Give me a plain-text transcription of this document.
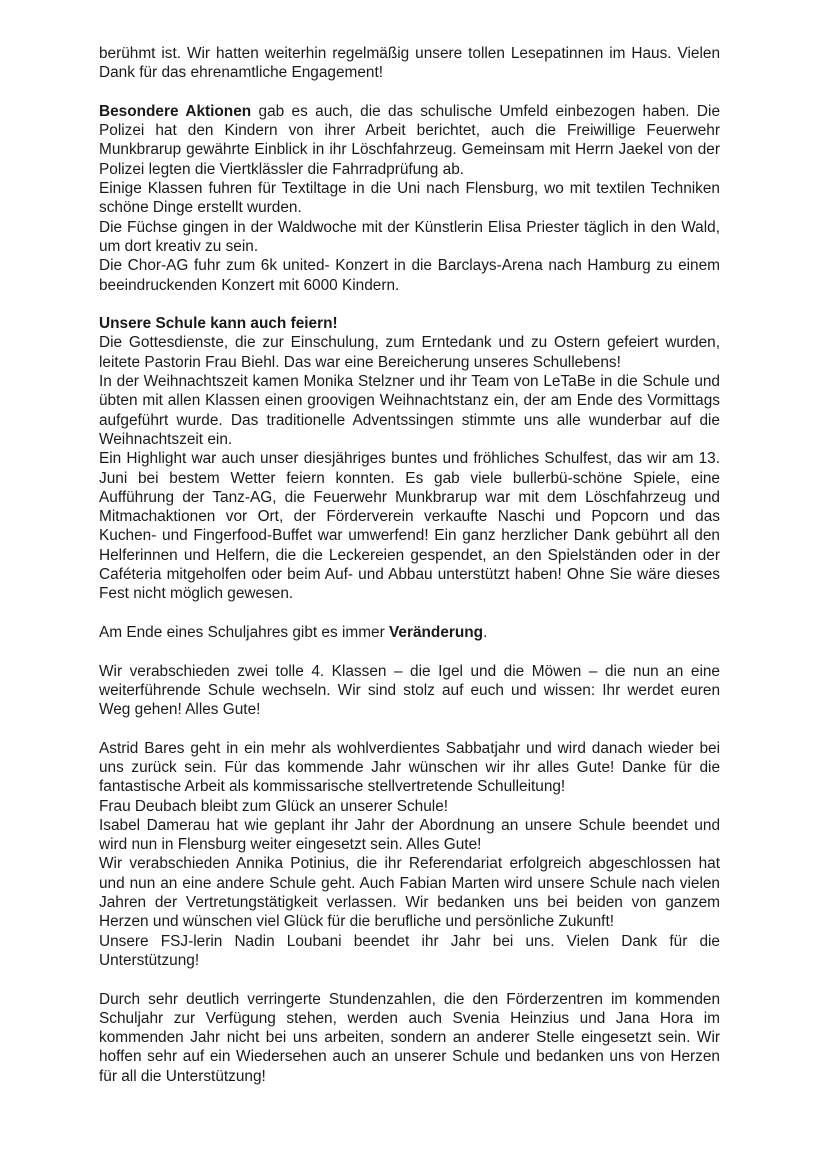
berühmt ist. Wir hatten weiterhin regelmäßig unsere tollen Lesepatinnen im Haus. Vielen Dank für das ehrenamtliche Engagement!

Besondere Aktionen gab es auch, die das schulische Umfeld einbezogen haben. Die Polizei hat den Kindern von ihrer Arbeit berichtet, auch die Freiwillige Feuerwehr Munkbrarup gewährte Einblick in ihr Löschfahrzeug. Gemeinsam mit Herrn Jaekel von der Polizei legten die Viertklässler die Fahrradprüfung ab.
Einige Klassen fuhren für Textiltage in die Uni nach Flensburg, wo mit textilen Techniken schöne Dinge erstellt wurden.
Die Füchse gingen in der Waldwoche mit der Künstlerin Elisa Priester täglich in den Wald, um dort kreativ zu sein.
Die Chor-AG fuhr zum 6k united- Konzert in die Barclays-Arena nach Hamburg zu einem beeindruckenden Konzert mit 6000 Kindern.

Unsere Schule kann auch feiern!
Die Gottesdienste, die zur Einschulung, zum Erntedank und zu Ostern gefeiert wurden, leitete Pastorin Frau Biehl. Das war eine Bereicherung unseres Schullebens!
In der Weihnachtszeit kamen Monika Stelzner und ihr Team von LeTaBe in die Schule und übten mit allen Klassen einen groovigen Weihnachtstanz ein, der am Ende des Vormittags aufgeführt wurde. Das traditionelle Adventssingen stimmte uns alle wunderbar auf die Weihnachtszeit ein.
Ein Highlight war auch unser diesjähriges buntes und fröhliches Schulfest, das wir am 13. Juni bei bestem Wetter feiern konnten. Es gab viele bullerbü-schöne Spiele, eine Aufführung der Tanz-AG, die Feuerwehr Munkbrarup war mit dem Löschfahrzeug und Mitmachaktionen vor Ort, der Förderverein verkaufte Naschi und Popcorn und das Kuchen- und Fingerfood-Buffet war umwerfend! Ein ganz herzlicher Dank gebührt all den Helferinnen und Helfern, die die Leckereien gespendet, an den Spielständen oder in der Caféteria mitgeholfen oder beim Auf- und Abbau unterstützt haben! Ohne Sie wäre dieses Fest nicht möglich gewesen.

Am Ende eines Schuljahres gibt es immer Veränderung.

Wir verabschieden zwei tolle 4. Klassen – die Igel und die Möwen – die nun an eine weiterführende Schule wechseln. Wir sind stolz auf euch und wissen: Ihr werdet euren Weg gehen! Alles Gute!

Astrid Bares geht in ein mehr als wohlverdientes Sabbatjahr und wird danach wieder bei uns zurück sein. Für das kommende Jahr wünschen wir ihr alles Gute! Danke für die fantastische Arbeit als kommissarische stellvertretende Schulleitung!
Frau Deubach bleibt zum Glück an unserer Schule!
Isabel Damerau hat wie geplant ihr Jahr der Abordnung an unsere Schule beendet und wird nun in Flensburg weiter eingesetzt sein. Alles Gute!
Wir verabschieden Annika Potinius, die ihr Referendariat erfolgreich abgeschlossen hat und nun an eine andere Schule geht. Auch Fabian Marten wird unsere Schule nach vielen Jahren der Vertretungstätigkeit verlassen. Wir bedanken uns bei beiden von ganzem Herzen und wünschen viel Glück für die berufliche und persönliche Zukunft!
Unsere FSJ-lerin Nadin Loubani beendet ihr Jahr bei uns. Vielen Dank für die Unterstützung!

Durch sehr deutlich verringerte Stundenzahlen, die den Förderzentren im kommenden Schuljahr zur Verfügung stehen, werden auch Svenia Heinzius und Jana Hora im kommenden Jahr nicht bei uns arbeiten, sondern an anderer Stelle eingesetzt sein. Wir hoffen sehr auf ein Wiedersehen auch an unserer Schule und bedanken uns von Herzen für all die Unterstützung!
